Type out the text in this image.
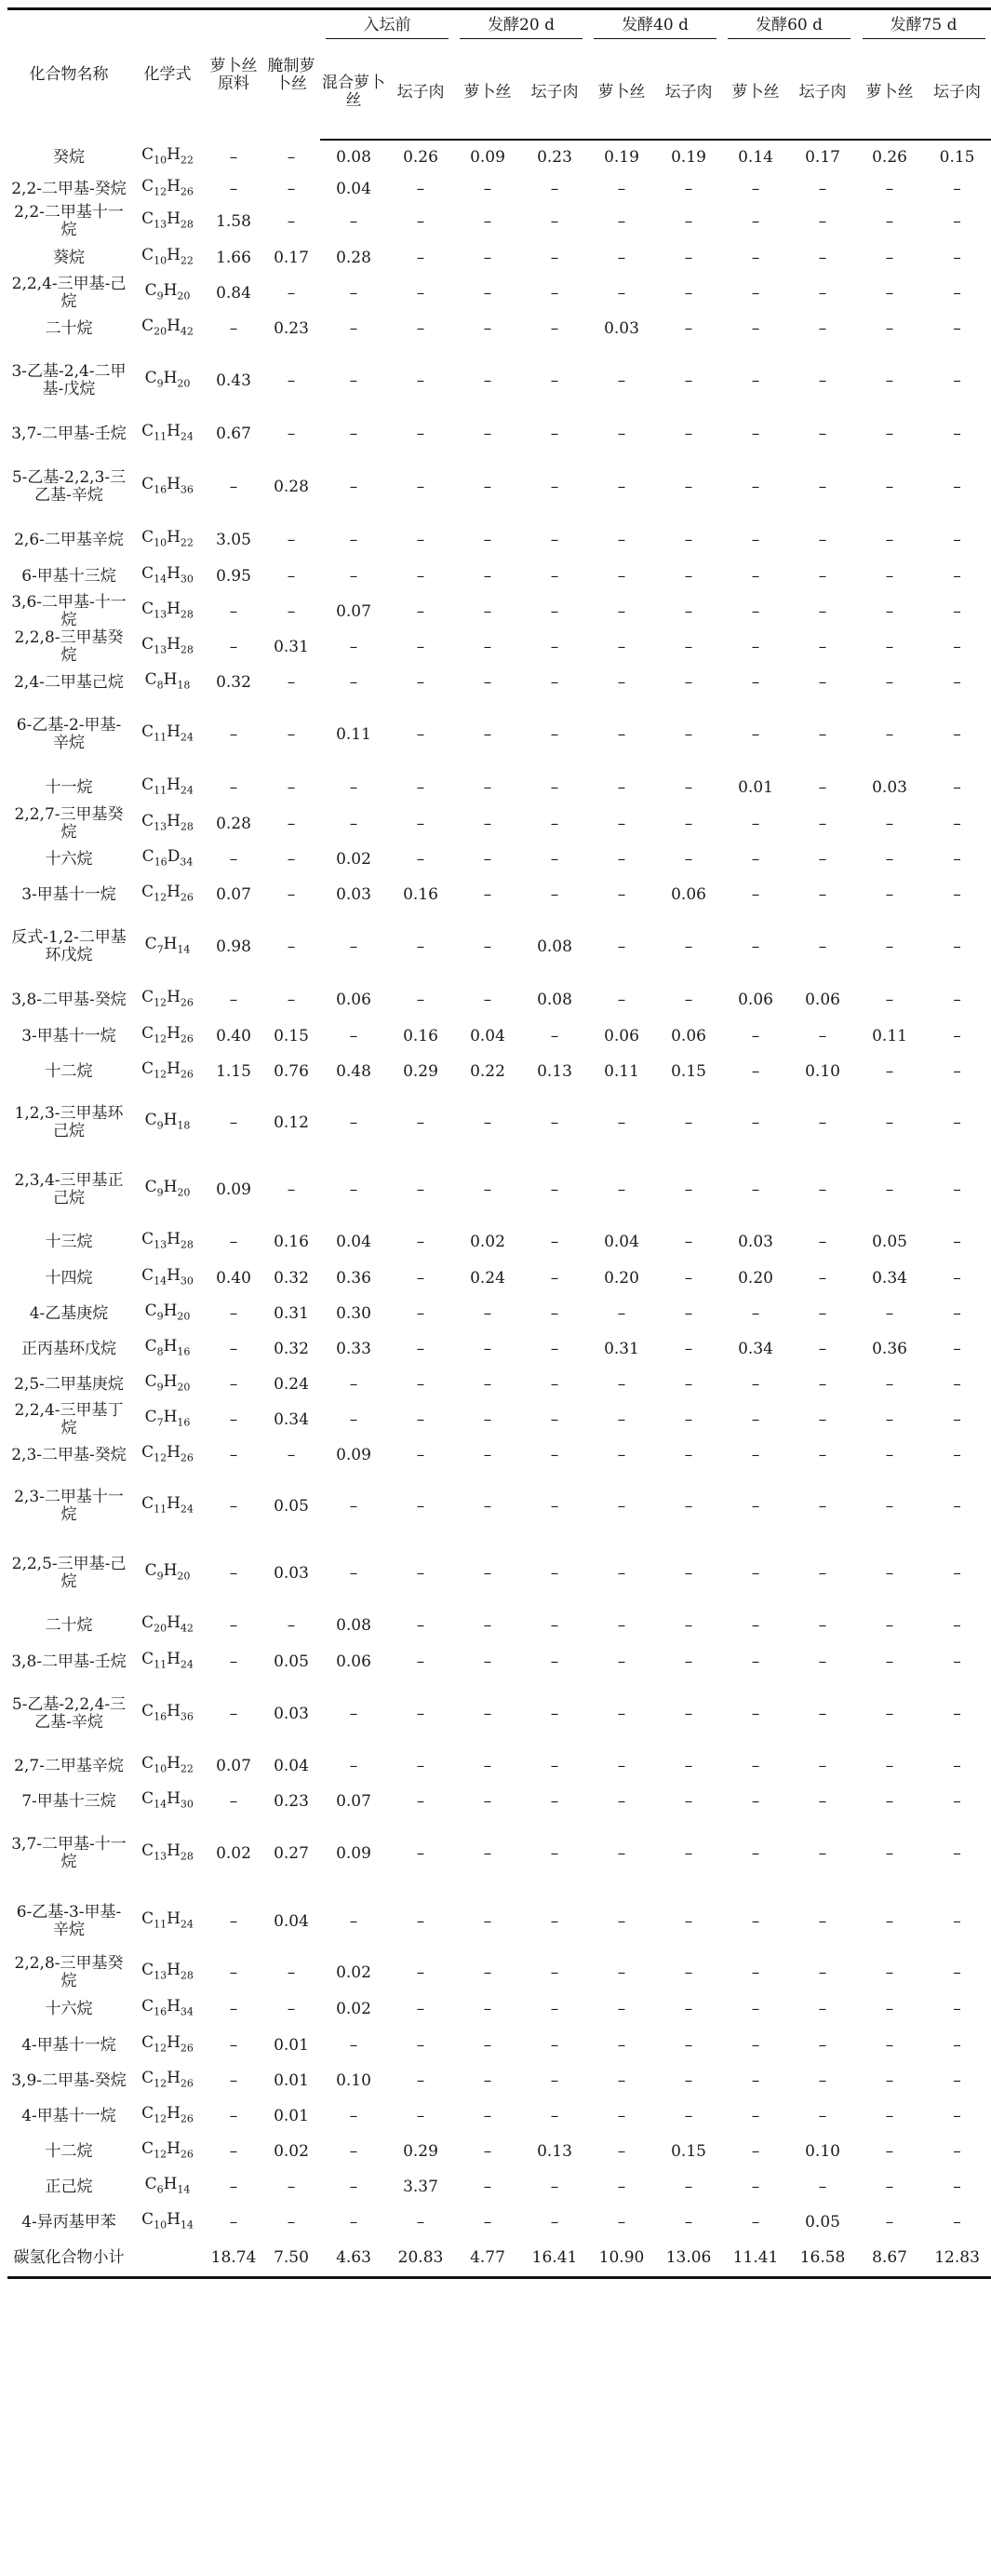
化合物名称	化学式	萝卜丝原料	腌制萝卜丝	入坛前		发酵20 d		发酵40 d		发酵60 d		发酵75 d	
				混合萝卜丝	坛子肉	萝卜丝	坛子肉	萝卜丝	坛子肉	萝卜丝	坛子肉	萝卜丝	坛子肉
癸烷	$C_{10}H_{22}$	–	–	0.08	0.26	0.09	0.23	0.19	0.19	0.14	0.17	0.26	0.15
2,2-二甲基-癸烷	$C_{12}H_{26}$	–	–	0.04	–	–	–	–	–	–	–	–	–
2,2-二甲基十一烷	$C_{13}H_{28}$	1.58	–	–	–	–	–	–	–	–	–	–	–
葵烷	$C_{10}H_{22}$	1.66	0.17	0.28	–	–	–	–	–	–	–	–	–
2,2,4-三甲基-己烷	$C_9H_{20}$	0.84	–	–	–	–	–	–	–	–	–	–	–
二十烷	$C_{20}H_{42}$	–	0.23	–	–	–	–	0.03	–	–	–	–	–
3-乙基-2,4-二甲基-戊烷	$C_9H_{20}$	0.43	–	–	–	–	–	–	–	–	–	–	–
3,7-二甲基-壬烷	$C_{11}H_{24}$	0.67	–	–	–	–	–	–	–	–	–	–	–
5-乙基-2,2,3-三乙基-辛烷	$C_{16}H_{36}$	–	0.28	–	–	–	–	–	–	–	–	–	–
2,6-二甲基辛烷	$C_{10}H_{22}$	3.05	–	–	–	–	–	–	–	–	–	–	–
6-甲基十三烷	$C_{14}H_{30}$	0.95	–	–	–	–	–	–	–	–	–	–	–
3,6-二甲基-十一烷	$C_{13}H_{28}$	–	–	0.07	–	–	–	–	–	–	–	–	–
2,2,8-三甲基癸烷	$C_{13}H_{28}$	–	0.31	–	–	–	–	–	–	–	–	–	–
2,4-二甲基己烷	$C_8H_{18}$	0.32	–	–	–	–	–	–	–	–	–	–	–
6-乙基-2-甲基-辛烷	$C_{11}H_{24}$	–	–	0.11	–	–	–	–	–	–	–	–	–
十一烷	$C_{11}H_{24}$	–	–	–	–	–	–	–	–	0.01	–	0.03	–
2,2,7-三甲基癸烷	$C_{13}H_{28}$	0.28	–	–	–	–	–	–	–	–	–	–	–
十六烷	$C_{16}D_{34}$	–	–	0.02	–	–	–	–	–	–	–	–	–
3-甲基十一烷	$C_{12}H_{26}$	0.07	–	0.03	0.16	–	–	–	0.06	–	–	–	–
反式-1,2-二甲基环戊烷	$C_7H_{14}$	0.98	–	–	–	–	0.08	–	–	–	–	–	–
3,8-二甲基-癸烷	$C_{12}H_{26}$	–	–	0.06	–	–	0.08	–	–	0.06	0.06	–	–
3-甲基十一烷	$C_{12}H_{26}$	0.40	0.15	–	0.16	0.04	–	0.06	0.06	–	–	0.11	–
十二烷	$C_{12}H_{26}$	1.15	0.76	0.48	0.29	0.22	0.13	0.11	0.15	–	0.10	–	–
1,2,3-三甲基环己烷	$C_9H_{18}$	–	0.12	–	–	–	–	–	–	–	–	–	–
2,3,4-三甲基正己烷	$C_9H_{20}$	0.09	–	–	–	–	–	–	–	–	–	–	–
十三烷	$C_{13}H_{28}$	–	0.16	0.04	–	0.02	–	0.04	–	0.03	–	0.05	–
十四烷	$C_{14}H_{30}$	0.40	0.32	0.36	–	0.24	–	0.20	–	0.20	–	0.34	–
4-乙基庚烷	$C_9H_{20}$	–	0.31	0.30	–	–	–	–	–	–	–	–	–
正丙基环戊烷	$C_8H_{16}$	–	0.32	0.33	–	–	–	0.31	–	0.34	–	0.36	–
2,5-二甲基庚烷	$C_9H_{20}$	–	0.24	–	–	–	–	–	–	–	–	–	–
2,2,4-三甲基丁烷	$C_7H_{16}$	–	0.34	–	–	–	–	–	–	–	–	–	–
2,3-二甲基-癸烷	$C_{12}H_{26}$	–	–	0.09	–	–	–	–	–	–	–	–	–
2,3-二甲基十一烷	$C_{11}H_{24}$	–	0.05	–	–	–	–	–	–	–	–	–	–
2,2,5-三甲基-己烷	$C_9H_{20}$	–	0.03	–	–	–	–	–	–	–	–	–	–
二十烷	$C_{20}H_{42}$	–	–	0.08	–	–	–	–	–	–	–	–	–
3,8-二甲基-壬烷	$C_{11}H_{24}$	–	0.05	0.06	–	–	–	–	–	–	–	–	–
5-乙基-2,2,4-三乙基-辛烷	$C_{16}H_{36}$	–	0.03	–	–	–	–	–	–	–	–	–	–
2,7-二甲基辛烷	$C_{10}H_{22}$	0.07	0.04	–	–	–	–	–	–	–	–	–	–
7-甲基十三烷	$C_{14}H_{30}$	–	0.23	0.07	–	–	–	–	–	–	–	–	–
3,7-二甲基-十一烷	$C_{13}H_{28}$	0.02	0.27	0.09	–	–	–	–	–	–	–	–	–
6-乙基-3-甲基-辛烷	$C_{11}H_{24}$	–	0.04	–	–	–	–	–	–	–	–	–	–
2,2,8-三甲基癸烷	$C_{13}H_{28}$	–	–	0.02	–	–	–	–	–	–	–	–	–
十六烷	$C_{16}H_{34}$	–	–	0.02	–	–	–	–	–	–	–	–	–
4-甲基十一烷	$C_{12}H_{26}$	–	0.01	–	–	–	–	–	–	–	–	–	–
3,9-二甲基-癸烷	$C_{12}H_{26}$	–	0.01	0.10	–	–	–	–	–	–	–	–	–
4-甲基十一烷	$C_{12}H_{26}$	–	0.01	–	–	–	–	–	–	–	–	–	–
十二烷	$C_{12}H_{26}$	–	0.02	–	0.29	–	0.13	–	0.15	–	0.10	–	–
正己烷	$C_6H_{14}$	–	–	–	3.37	–	–	–	–	–	–	–	–
4-异丙基甲苯	$C_{10}H_{14}$	–	–	–	–	–	–	–	–	–	0.05	–	–
碳氢化合物小计		18.74	7.50	4.63	20.83	4.77	16.41	10.90	13.06	11.41	16.58	8.67	12.83
